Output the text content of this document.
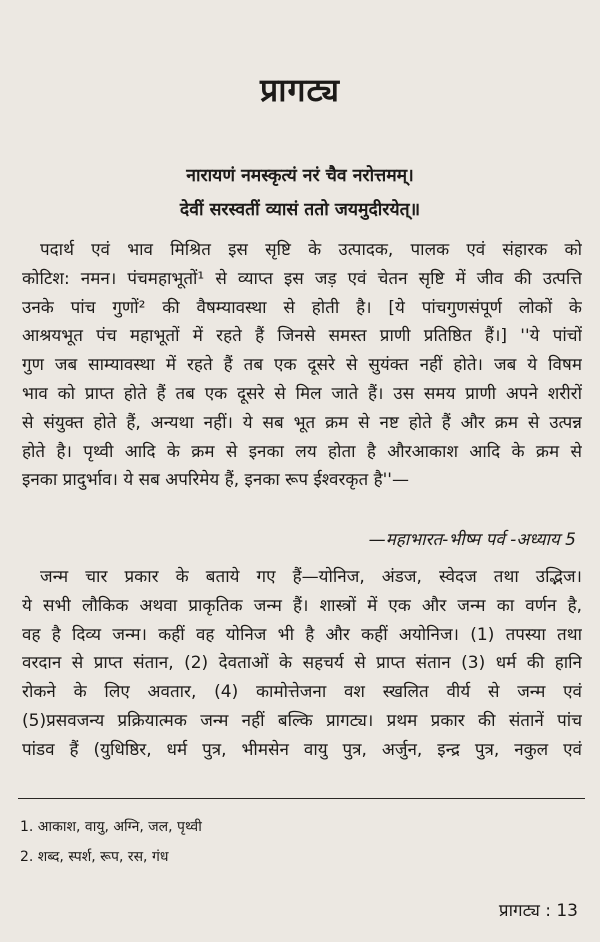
प्रागट्य
नारायणं नमस्कृत्यं नरं चैव नरोत्तमम्।
देवीं सरस्वतीं व्यासं ततो जयमुदीरयेत्॥
पदार्थ एवं भाव मिश्रित इस सृष्टि के उत्पादक, पालक एवं संहारक को
कोटिश: नमन। पंचमहाभूतों¹ से व्याप्त इस जड़ एवं चेतन सृष्टि में जीव की उत्पत्ति
उनके पांच गुणों² की वैषम्यावस्था से होती है। [ये पांचगुणसंपूर्ण लोकों के
आश्रयभूत पंच महाभूतों में रहते हैं जिनसे समस्त प्राणी प्रतिष्ठित हैं।] ''ये पांचों
गुण जब साम्यावस्था में रहते हैं तब एक दूसरे से सुयंक्त नहीं होते। जब ये विषम
भाव को प्राप्त होते हैं तब एक दूसरे से मिल जाते हैं। उस समय प्राणी अपने शरीरों
से संयुक्त होते हैं, अन्यथा नहीं। ये सब भूत क्रम से नष्ट होते हैं और क्रम से उत्पन्न
होते है। पृथ्वी आदि के क्रम से इनका लय होता है औरआकाश आदि के क्रम से
इनका प्रादुर्भाव। ये सब अपरिमेय हैं, इनका रूप ईश्वरकृत है''—
—महाभारत-भीष्म पर्व -अध्याय 5
जन्म चार प्रकार के बताये गए हैं—योनिज, अंडज, स्वेदज तथा उद्भिज।
ये सभी लौकिक अथवा प्राकृतिक जन्म हैं। शास्त्रों में एक और जन्म का वर्णन है,
वह है दिव्य जन्म। कहीं वह योनिज भी है और कहीं अयोनिज। (1) तपस्या तथा
वरदान से प्राप्त संतान, (2) देवताओं के सहचर्य से प्राप्त संतान (3) धर्म की हानि
रोकने के लिए अवतार, (4) कामोत्तेजना वश स्खलित वीर्य से जन्म एवं
(5)प्रसवजन्य प्रक्रियात्मक जन्म नहीं बल्कि प्रागट्य। प्रथम प्रकार की संतानें पांच
पांडव हैं (युधिष्ठिर, धर्म पुत्र, भीमसेन वायु पुत्र, अर्जुन, इन्द्र पुत्र, नकुल एवं
1. आकाश, वायु, अग्नि, जल, पृथ्वी
2. शब्द, स्पर्श, रूप, रस, गंध
प्रागट्य : 13
